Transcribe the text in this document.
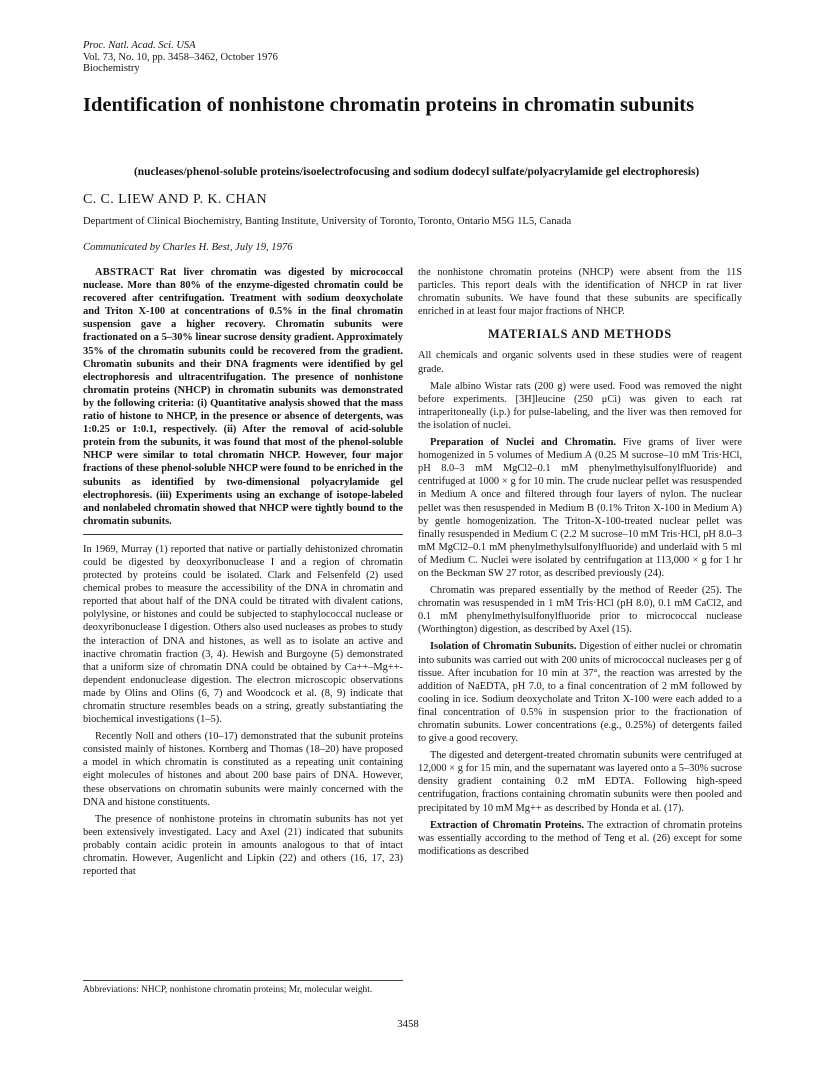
Proc. Natl. Acad. Sci. USA
Vol. 73, No. 10, pp. 3458–3462, October 1976
Biochemistry
Identification of nonhistone chromatin proteins in chromatin subunits
(nucleases/phenol-soluble proteins/isoelectrofocusing and sodium dodecyl sulfate/polyacrylamide gel electrophoresis)
C. C. LIEW AND P. K. CHAN
Department of Clinical Biochemistry, Banting Institute, University of Toronto, Toronto, Ontario M5G 1L5, Canada
Communicated by Charles H. Best, July 19, 1976

ABSTRACT Rat liver chromatin was digested by micrococcal nuclease. More than 80% of the enzyme-digested chromatin could be recovered after centrifugation. Treatment with sodium deoxycholate and Triton X-100 at concentrations of 0.5% in the final chromatin suspension gave a higher recovery. Chromatin subunits were fractionated on a 5–30% linear sucrose density gradient. Approximately 35% of the chromatin subunits could be recovered from the gradient. Chromatin subunits and their DNA fragments were identified by gel electrophoresis and ultracentrifugation. The presence of nonhistone chromatin proteins (NHCP) in chromatin subunits was demonstrated by the following criteria: (i) Quantitative analysis showed that the mass ratio of histone to NHCP, in the presence or absence of detergents, was 1:0.25 or 1:0.1, respectively. (ii) After the removal of acid-soluble protein from the subunits, it was found that most of the phenol-soluble NHCP were similar to total chromatin NHCP. However, four major fractions of these phenol-soluble NHCP were found to be enriched in the subunits as identified by two-dimensional polyacrylamide gel electrophoresis. (iii) Experiments using an exchange of isotope-labeled and nonlabeled chromatin showed that NHCP were tightly bound to the chromatin subunits.

In 1969, Murray (1) reported that native or partially dehistonized chromatin could be digested by deoxyribonuclease I and a region of chromatin protected by proteins could be isolated. Clark and Felsenfeld (2) used chemical probes to measure the accessibility of the DNA in chromatin and reported that about half of the DNA could be titrated with divalent cations, polylysine, or histones and could be subjected to staphylococcal nuclease or deoxyribonuclease I digestion. Others also used nucleases as probes to study the interaction of DNA and histones, as well as to isolate an active and inactive chromatin fraction (3, 4). Hewish and Burgoyne (5) demonstrated that a uniform size of chromatin DNA could be obtained by Ca++–Mg++-dependent endonuclease digestion. The electron microscopic observations made by Olins and Olins (6, 7) and Woodcock et al. (8, 9) indicate that chromatin structure resembles beads on a string, greatly substantiating the biochemical investigations (1–5).

Recently Noll and others (10–17) demonstrated that the subunit proteins consisted mainly of histones. Kornberg and Thomas (18–20) have proposed a model in which chromatin is constituted as a repeating unit containing eight molecules of histones and about 200 base pairs of DNA. However, these observations on chromatin subunits were mainly concerned with the DNA and histone constituents.

The presence of nonhistone proteins in chromatin subunits has not yet been extensively investigated. Lacy and Axel (21) indicated that subunits probably contain acidic protein in amounts analogous to that of intact chromatin. However, Augenlicht and Lipkin (22) and others (16, 17, 23) reported that

Abbreviations: NHCP, nonhistone chromatin proteins; Mr, molecular weight.

the nonhistone chromatin proteins (NHCP) were absent from the 11S particles. This report deals with the identification of NHCP in rat liver chromatin subunits. We have found that these subunits are specifically enriched in at least four major fractions of NHCP.

MATERIALS AND METHODS

All chemicals and organic solvents used in these studies were of reagent grade.

Male albino Wistar rats (200 g) were used. Food was removed the night before experiments. [3H]leucine (250 μCi) was given to each rat intraperitoneally (i.p.) for pulse-labeling, and the liver was then removed for the isolation of nuclei.

Preparation of Nuclei and Chromatin. Five grams of liver were homogenized in 5 volumes of Medium A (0.25 M sucrose–10 mM Tris·HCl, pH 8.0–3 mM MgCl2–0.1 mM phenylmethylsulfonylfluoride) and centrifuged at 1000 × g for 10 min. The crude nuclear pellet was resuspended in Medium A once and filtered through four layers of nylon. The nuclear pellet was then resuspended in Medium B (0.1% Triton X-100 in Medium A) by gentle homogenization. The Triton-X-100-treated nuclear pellet was finally resuspended in Medium C (2.2 M sucrose–10 mM Tris·HCl, pH 8.0–3 mM MgCl2–0.1 mM phenylmethylsulfonylfluoride) and underlaid with 5 ml of Medium C. Nuclei were isolated by centrifugation at 113,000 × g for 1 hr on the Beckman SW 27 rotor, as described previously (24).

Chromatin was prepared essentially by the method of Reeder (25). The chromatin was resuspended in 1 mM Tris·HCl (pH 8.0), 0.1 mM CaCl2, and 0.1 mM phenylmethylsulfonylfluoride prior to micrococcal nuclease (Worthington) digestion, as described by Axel (15).

Isolation of Chromatin Subunits. Digestion of either nuclei or chromatin into subunits was carried out with 200 units of micrococcal nucleases per g of tissue. After incubation for 10 min at 37°, the reaction was arrested by the addition of NaEDTA, pH 7.0, to a final concentration of 2 mM followed by cooling in ice. Sodium deoxycholate and Triton X-100 were each added to a final concentration of 0.5% in suspension prior to the fractionation of chromatin subunits. Lower concentrations (e.g., 0.25%) of detergents failed to give a good recovery.

The digested and detergent-treated chromatin subunits were centrifuged at 12,000 × g for 15 min, and the supernatant was layered onto a 5–30% sucrose density gradient containing 0.2 mM EDTA. Following high-speed centrifugation, fractions containing chromatin subunits were then pooled and precipitated by 10 mM Mg++ as described by Honda et al. (17).

Extraction of Chromatin Proteins. The extraction of chromatin proteins was essentially according to the method of Teng et al. (26) except for some modifications as described

3458
